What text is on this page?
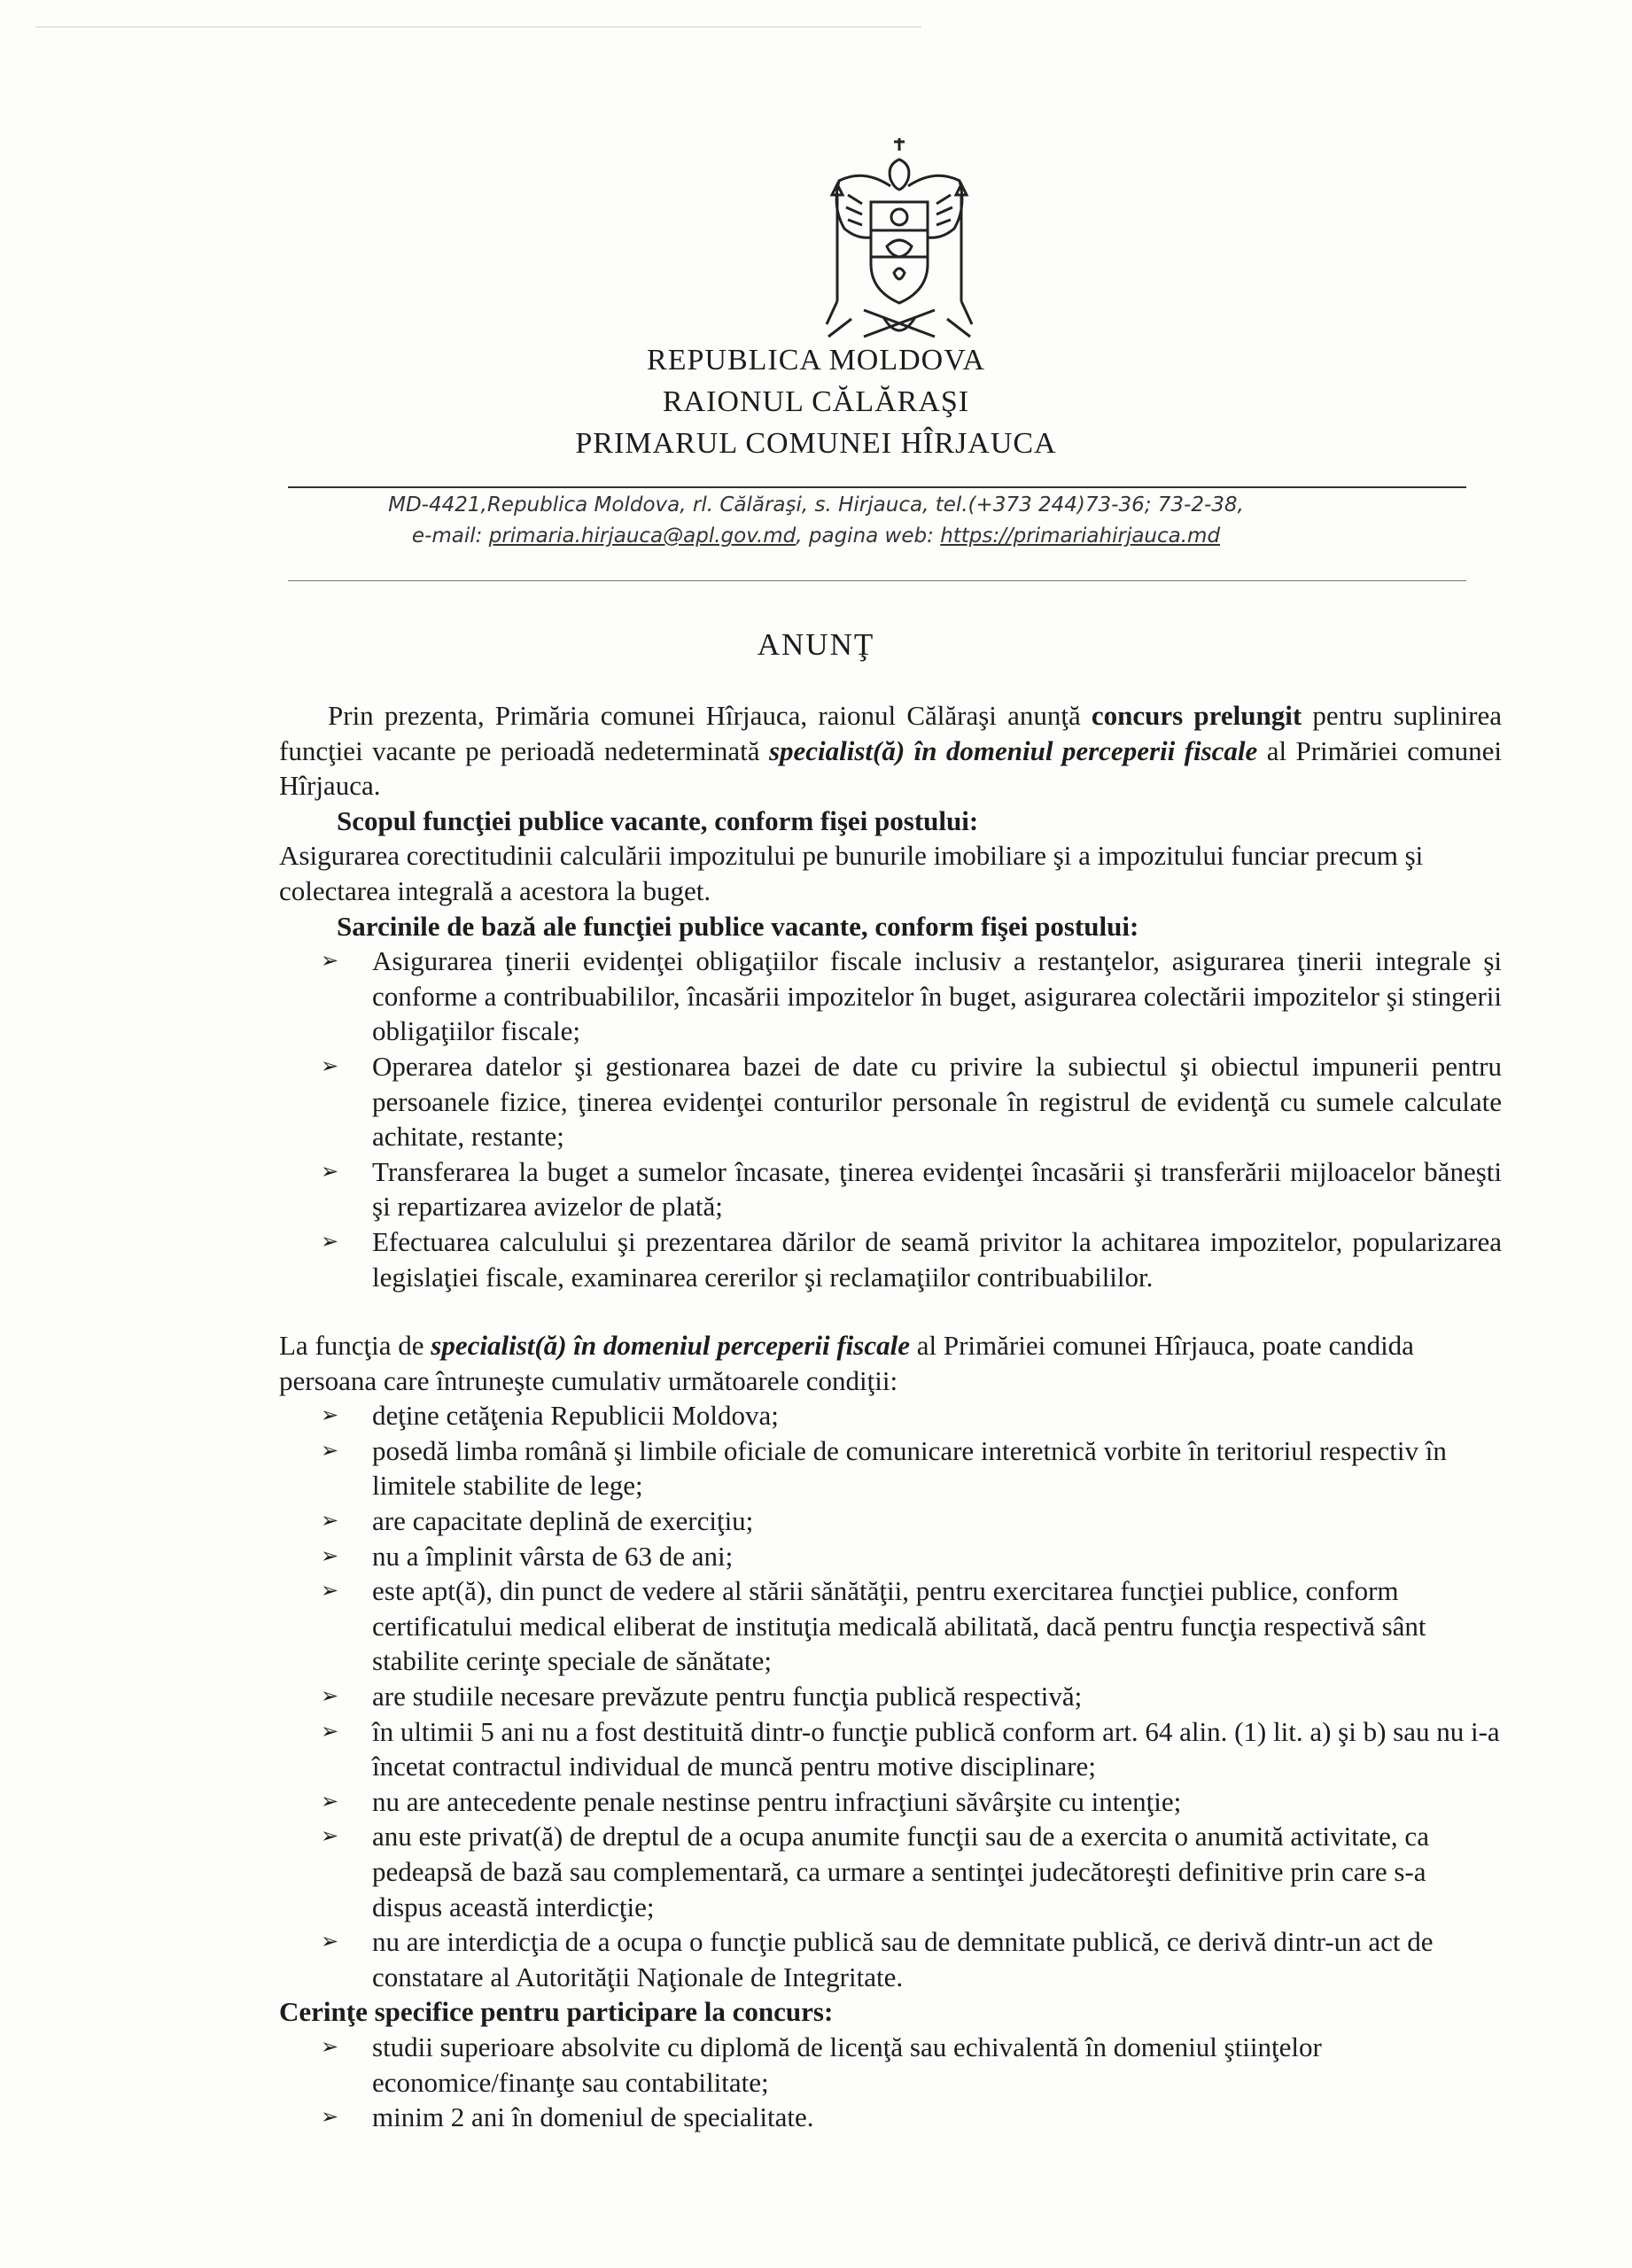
REPUBLICA MOLDOVA
RAIONUL CĂLĂRAŞI
PRIMARUL COMUNEI HÎRJAUCA
MD-4421,Republica Moldova, rl. Călăraşi, s. Hirjauca, tel.(+373 244)73-36; 73-2-38,
e-mail: primaria.hirjauca@apl.gov.md, pagina web: https://primariahirjauca.md
ANUNŢ

Prin prezenta, Primăria comunei Hîrjauca, raionul Călăraşi anunţă concurs prelungit pentru suplinirea funcţiei vacante pe perioadă nedeterminată specialist(ă) în domeniul perceperii fiscale al Primăriei comunei Hîrjauca.

Scopul funcţiei publice vacante, conform fişei postului:

Asigurarea corectitudinii calculării impozitului pe bunurile imobiliare şi a impozitului funciar precum şi colectarea integrală a acestora la buget.

Sarcinile de bază ale funcţiei publice vacante, conform fişei postului:

➢ Asigurarea ţinerii evidenţei obligaţiilor fiscale inclusiv a restanţelor, asigurarea ţinerii integrale şi conforme a contribuabililor, încasării impozitelor în buget, asigurarea colectării impozitelor şi stingerii obligaţiilor fiscale;
➢ Operarea datelor şi gestionarea bazei de date cu privire la subiectul şi obiectul impunerii pentru persoanele fizice, ţinerea evidenţei conturilor personale în registrul de evidenţă cu sumele calculate achitate, restante;
➢ Transferarea la buget a sumelor încasate, ţinerea evidenţei încasării şi transferării mijloacelor băneşti şi repartizarea avizelor de plată;
➢ Efectuarea calculului şi prezentarea dărilor de seamă privitor la achitarea impozitelor, popularizarea legislaţiei fiscale, examinarea cererilor şi reclamaţiilor contribuabililor.

La funcţia de specialist(ă) în domeniul perceperii fiscale al Primăriei comunei Hîrjauca, poate candida persoana care întruneşte cumulativ următoarele condiţii:

➢ deţine cetăţenia Republicii Moldova;
➢ posedă limba română şi limbile oficiale de comunicare interetnică vorbite în teritoriul respectiv în limitele stabilite de lege;
➢ are capacitate deplină de exerciţiu;
➢ nu a împlinit vârsta de 63 de ani;
➢ este apt(ă), din punct de vedere al stării sănătăţii, pentru exercitarea funcţiei publice, conform certificatului medical eliberat de instituţia medicală abilitată, dacă pentru funcţia respectivă sânt stabilite cerinţe speciale de sănătate;
➢ are studiile necesare prevăzute pentru funcţia publică respectivă;
➢ în ultimii 5 ani nu a fost destituită dintr-o funcţie publică conform art. 64 alin. (1) lit. a) şi b) sau nu i-a încetat contractul individual de muncă pentru motive disciplinare;
➢ nu are antecedente penale nestinse pentru infracţiuni săvârşite cu intenţie;
➢ anu este privat(ă) de dreptul de a ocupa anumite funcţii sau de a exercita o anumită activitate, ca pedeapsă de bază sau complementară, ca urmare a sentinţei judecătoreşti definitive prin care s-a dispus această interdicţie;
➢ nu are interdicţia de a ocupa o funcţie publică sau de demnitate publică, ce derivă dintr-un act de constatare al Autorităţii Naţionale de Integritate.

Cerinţe specifice pentru participare la concurs:

➢ studii superioare absolvite cu diplomă de licenţă sau echivalentă în domeniul ştiinţelor economice/finanţe sau contabilitate;
➢ minim 2 ani în domeniul de specialitate.
